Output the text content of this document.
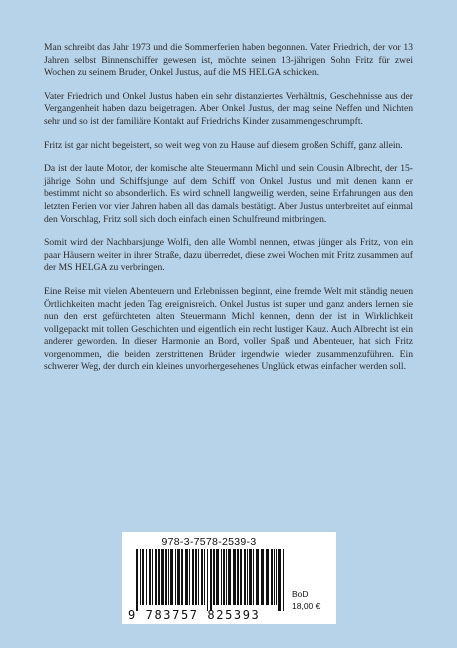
Man schreibt das Jahr 1973 und die Sommerferien haben begonnen. Vater Friedrich, der vor 13 Jahren selbst Binnenschiffer gewesen ist, möchte seinen 13-jährigen Sohn Fritz für zwei Wochen zu seinem Bruder, Onkel Justus, auf die MS HELGA schicken.

Vater Friedrich und Onkel Justus haben ein sehr distanziertes Verhältnis, Geschehnisse aus der Vergangenheit haben dazu beigetragen. Aber Onkel Justus, der mag seine Neffen und Nichten sehr und so ist der familiäre Kontakt auf Friedrichs Kinder zusammengeschrumpft.

Fritz ist gar nicht begeistert, so weit weg von zu Hause auf diesem großen Schiff, ganz allein.

Da ist der laute Motor, der komische alte Steuermann Michl und sein Cousin Albrecht, der 15-jährige Sohn und Schiffsjunge auf dem Schiff von Onkel Justus und mit denen kann er bestimmt nicht so absonderlich. Es wird schnell langweilig werden, seine Erfahrungen aus den letzten Ferien vor vier Jahren haben all das damals bestätigt. Aber Justus unterbreitet auf einmal den Vorschlag, Fritz soll sich doch einfach einen Schulfreund mitbringen.

Somit wird der Nachbarsjunge Wolfi, den alle Wombl nennen, etwas jünger als Fritz, von ein paar Häusern weiter in ihrer Straße, dazu überredet, diese zwei Wochen mit Fritz zusammen auf der MS HELGA zu verbringen.

Eine Reise mit vielen Abenteuern und Erlebnissen beginnt, eine fremde Welt mit ständig neuen Örtlichkeiten macht jeden Tag ereignisreich. Onkel Justus ist super und ganz anders lernen sie nun den erst gefürchteten alten Steuermann Michl kennen, denn der ist in Wirklichkeit vollgepackt mit tollen Geschichten und eigentlich ein recht lustiger Kauz. Auch Albrecht ist ein anderer geworden. In dieser Harmonie an Bord, voller Spaß und Abenteuer, hat sich Fritz vorgenommen, die beiden zerstrittenen Brüder irgendwie wieder zusammenzuführen. Ein schwerer Weg, der durch ein kleines unvorhergesehenes Unglück etwas einfacher werden soll.

978-3-7578-2539-3
9 783757 825393
BoD
18,00 €
